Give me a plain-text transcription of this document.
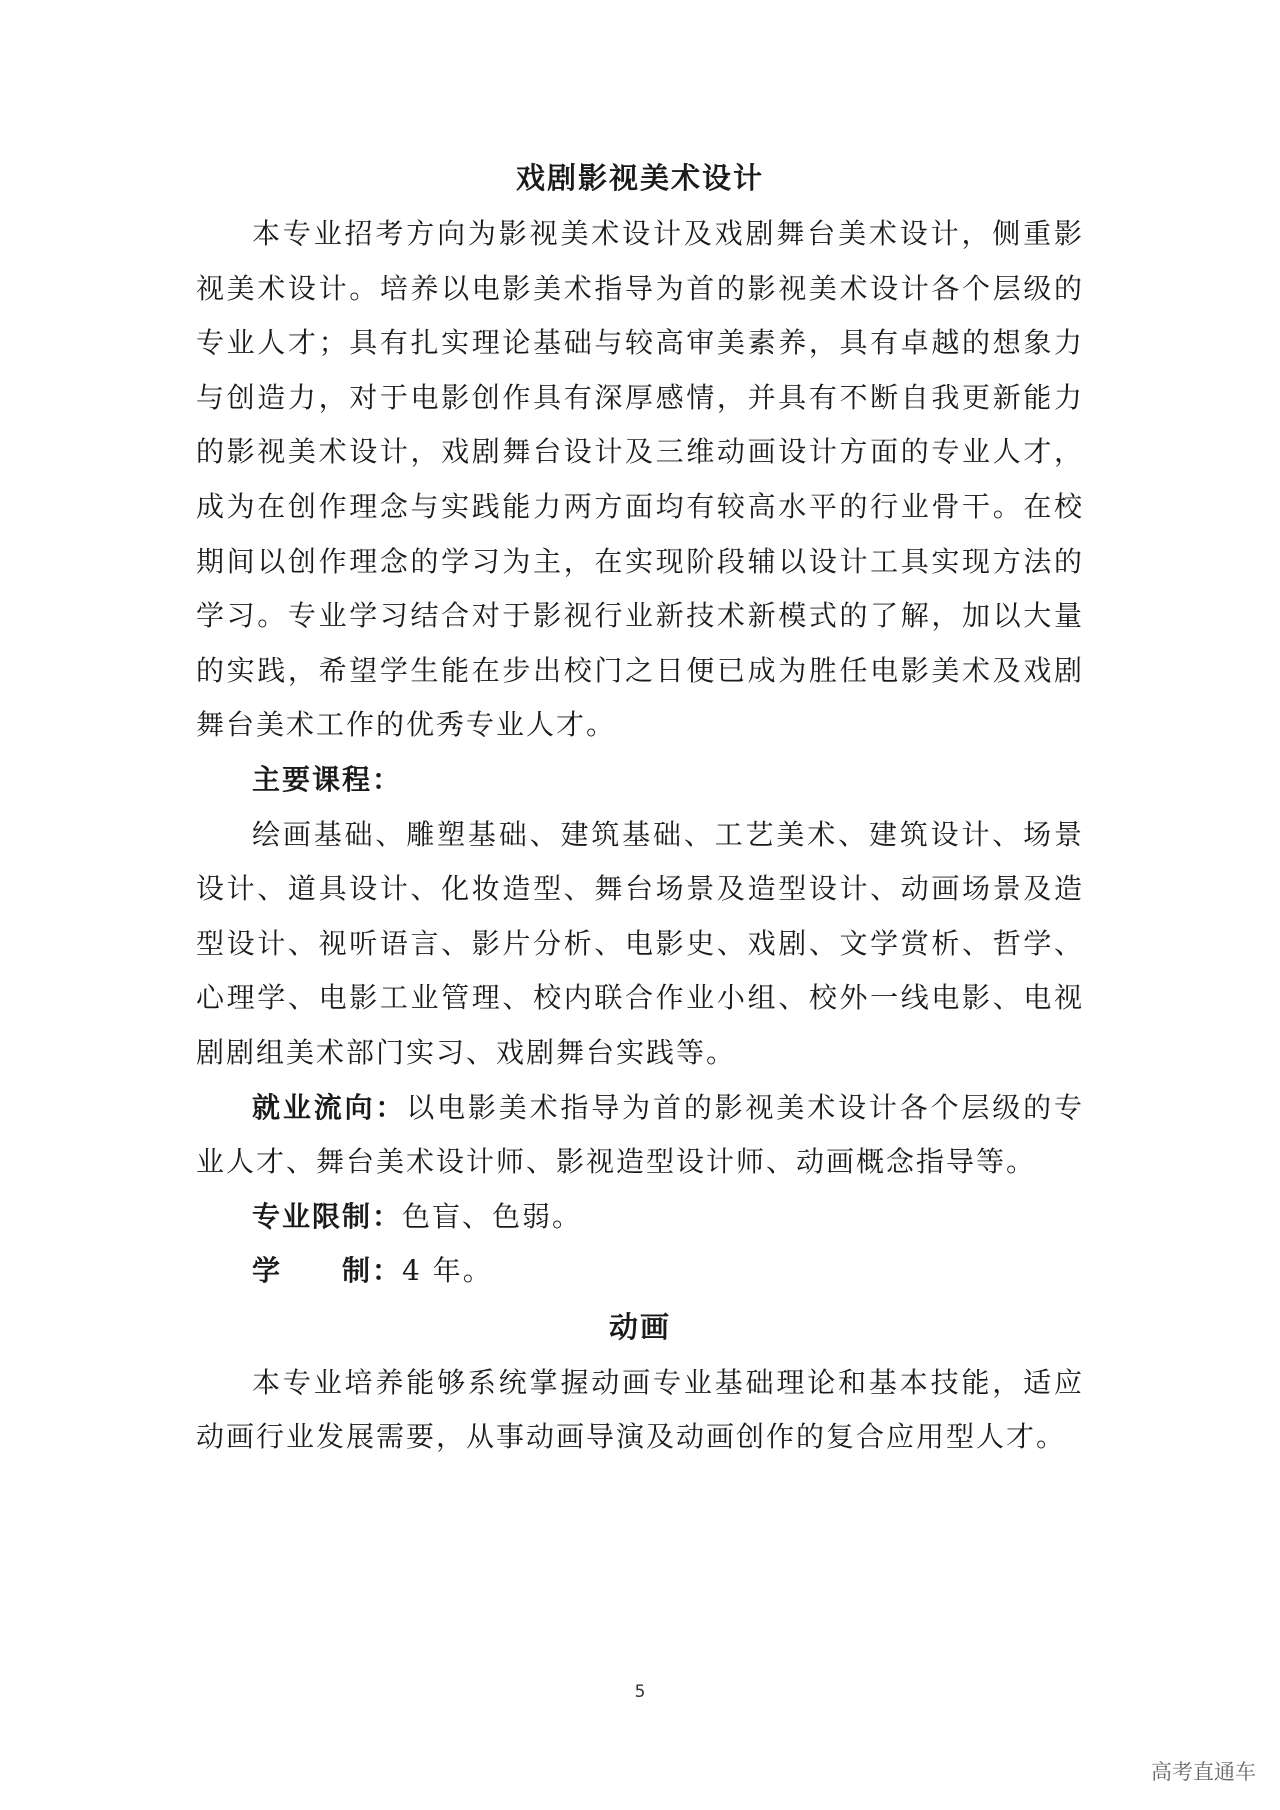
戏剧影视美术设计

本专业招考方向为影视美术设计及戏剧舞台美术设计，侧重影视美术设计。培养以电影美术指导为首的影视美术设计各个层级的专业人才；具有扎实理论基础与较高审美素养，具有卓越的想象力与创造力，对于电影创作具有深厚感情，并具有不断自我更新能力的影视美术设计，戏剧舞台设计及三维动画设计方面的专业人才，成为在创作理念与实践能力两方面均有较高水平的行业骨干。在校期间以创作理念的学习为主，在实现阶段辅以设计工具实现方法的学习。专业学习结合对于影视行业新技术新模式的了解，加以大量的实践，希望学生能在步出校门之日便已成为胜任电影美术及戏剧舞台美术工作的优秀专业人才。

主要课程：

绘画基础、雕塑基础、建筑基础、工艺美术、建筑设计、场景设计、道具设计、化妆造型、舞台场景及造型设计、动画场景及造型设计、视听语言、影片分析、电影史、戏剧、文学赏析、哲学、心理学、电影工业管理、校内联合作业小组、校外一线电影、电视剧剧组美术部门实习、戏剧舞台实践等。

就业流向：以电影美术指导为首的影视美术设计各个层级的专业人才、舞台美术设计师、影视造型设计师、动画概念指导等。

专业限制：色盲、色弱。

学　　制：4 年。

动画

本专业培养能够系统掌握动画专业基础理论和基本技能，适应动画行业发展需要，从事动画导演及动画创作的复合应用型人才。

5
高考直通车
